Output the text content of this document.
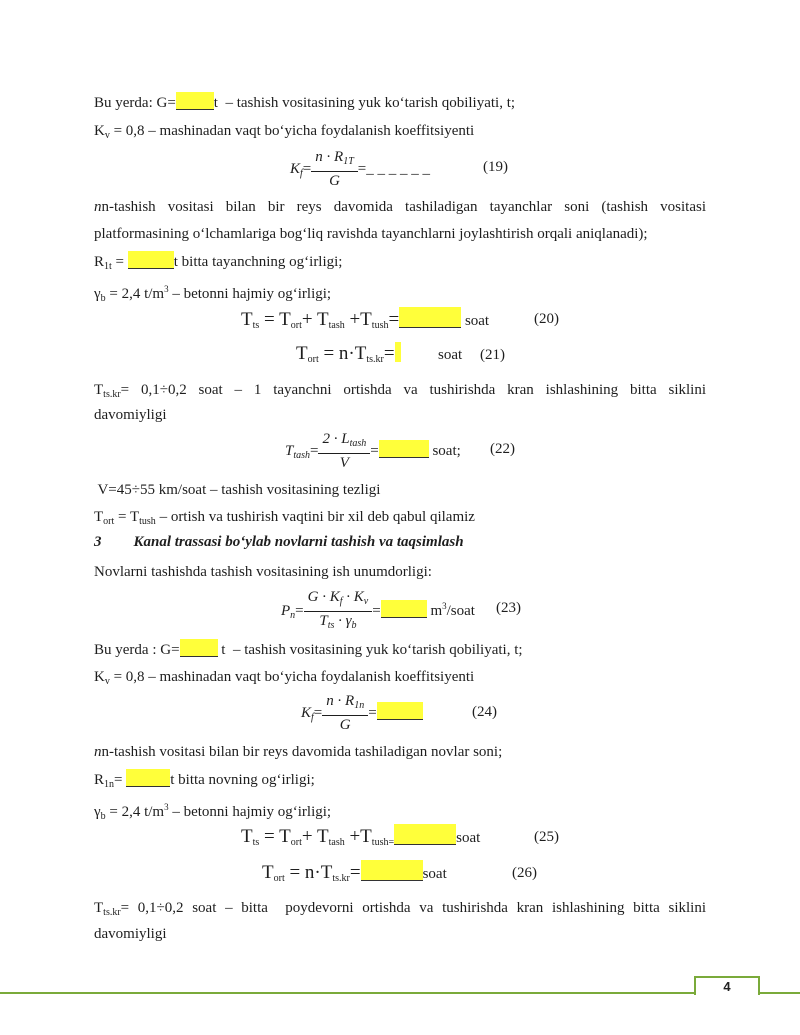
Bu yerda: G=	t  – tashish vositasining yuk koʻtarish qobiliyati, t;
$K_v = 0,8$ – mashinadan vaqt boʻyicha foydalanish koeffitsiyenti
$K_f= \frac{n \cdot R_{1T}}{G}$ =_ _ _ _ _ _	(19)
nn-tashish vositasi bilan bir reys davomida tashiladigan tayanchlar soni (tashish vositasi
platformasining oʻlchamlariga bogʻliq ravishda tayanchlarni joylashtirish orqali aniqlanadi);
$R_{1t}$ =	t bitta tayanchning ogʻirligi;
$\gamma_b = 2,4$ $t/m^3$ – betonni hajmiy ogʻirligi;
$T_{ts} = T_{ort}+ T_{tash} +T_{tush}=$	soat	(20)
$T_{ort} = n\cdot T_{ts.kr}=$	soat (21)
$T_{ts.kr}= 0,1\div 0,2$ soat – 1 tayanchni ortishda va tushirishda kran ishlashining bitta siklini
davomiyligi
$T_{tash}= \frac{2 \cdot L_{tash}}{V}$ =	soat; (22)
V=45÷55 km/soat – tashish vositasining tezligi
$T_{ort} = T_{tush}$ – ortish va tushirish vaqtini bir xil deb qabul qilamiz
3 Kanal trassasi boʻylab novlarni tashish va taqsimlash
Novlarni tashishda tashish vositasining ish unumdorligi:
$P_n= \frac{G \cdot K_f \cdot K_v}{T_{ts} \cdot \gamma_b}$ =	$m^3$/soat (23)
Bu yerda : G=	t  – tashish vositasining yuk koʻtarish qobiliyati, t;
$K_v = 0,8$ – mashinadan vaqt boʻyicha foydalanish koeffitsiyenti
$K_f= \frac{n \cdot R_{1n}}{G}$ =	(24)
nn-tashish vositasi bilan bir reys davomida tashiladigan novlar soni;
$R_{1n}=$	t bitta novning ogʻirligi;
$\gamma_b = 2,4$ $t/m^3$ – betonni hajmiy ogʻirligi;
$T_{ts} = T_{ort}+ T_{tash} +T_{tush=}$	soat	(25)
$T_{ort} = n\cdot T_{ts.kr}=$	soat	(26)
$T_{ts.kr}= 0,1\div 0,2$ soat – bitta  poydevorni ortishda va tushirishda kran ishlashining bitta siklini
davomiyligi
4
